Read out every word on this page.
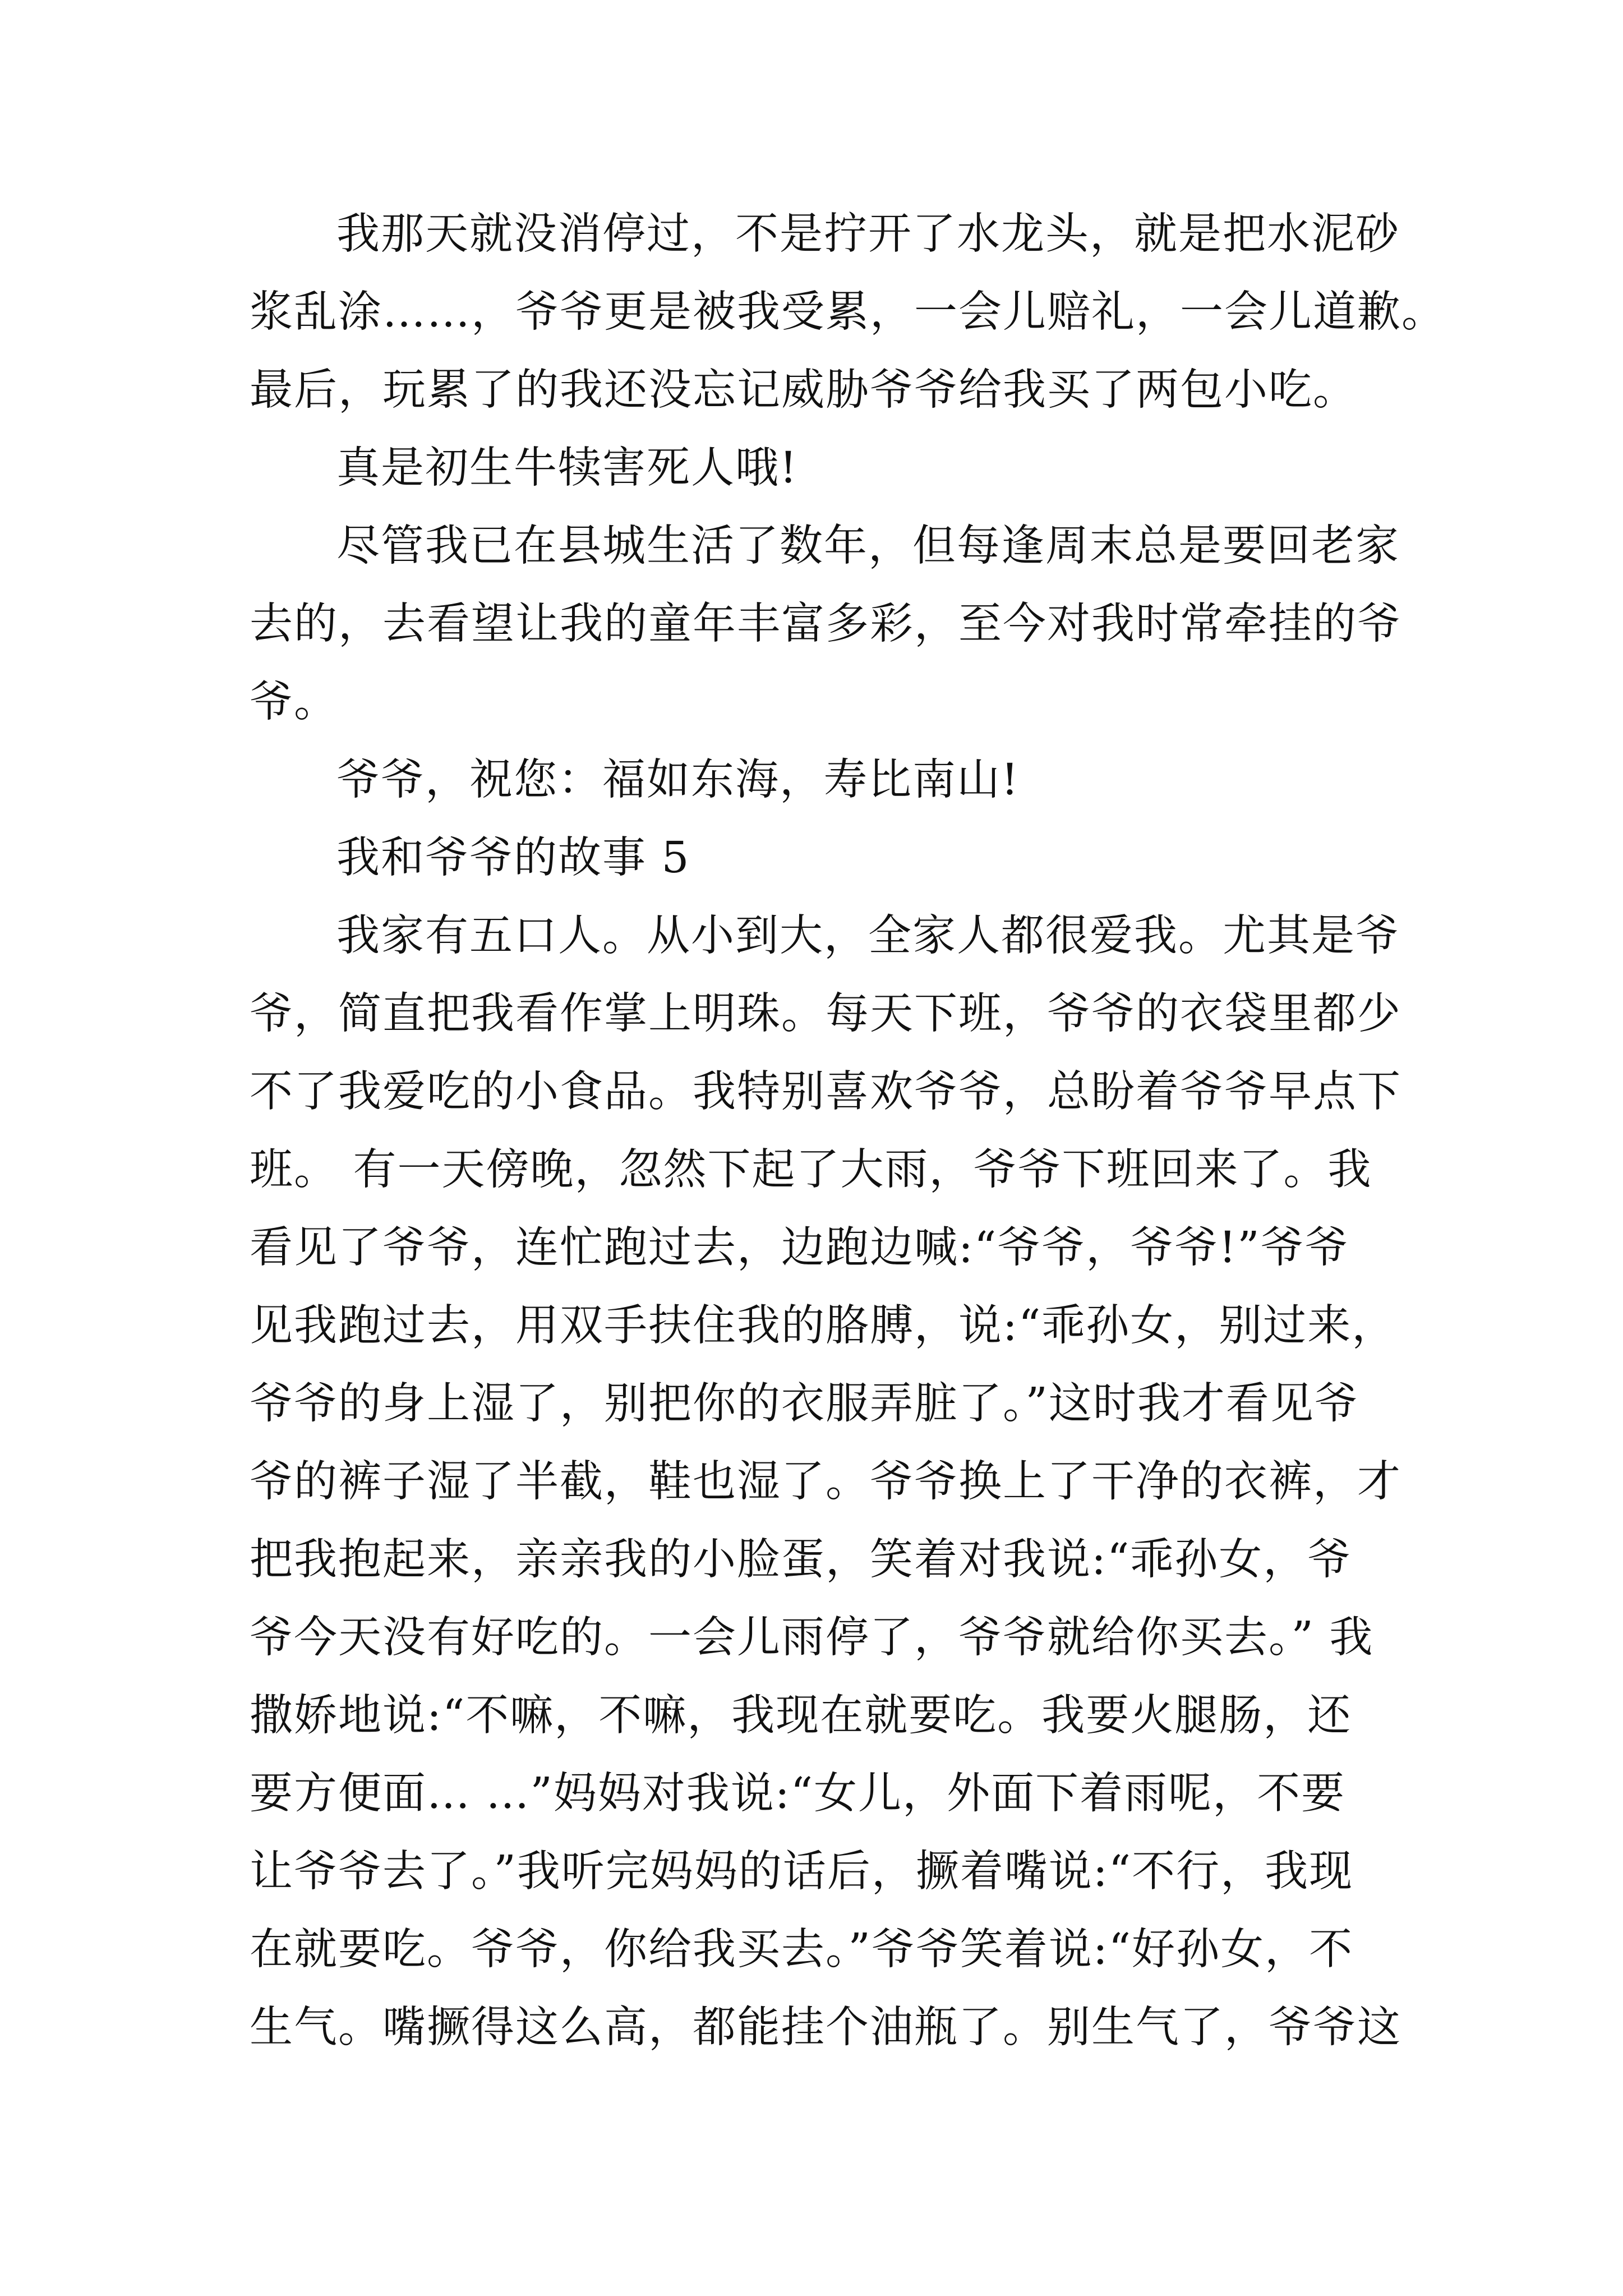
我那天就没消停过，不是拧开了水龙头，就是把水泥砂
浆乱涂……，爷爷更是被我受累，一会儿赔礼，一会儿道歉。
最后，玩累了的我还没忘记威胁爷爷给我买了两包小吃。
真是初生牛犊害死人哦!
尽管我已在县城生活了数年，但每逢周末总是要回老家
去的，去看望让我的童年丰富多彩，至今对我时常牵挂的爷
爷。
爷爷，祝您：福如东海，寿比南山!
我和爷爷的故事 5
我家有五口人。从小到大，全家人都很爱我。尤其是爷
爷，简直把我看作掌上明珠。每天下班，爷爷的衣袋里都少
不了我爱吃的小食品。我特别喜欢爷爷，总盼着爷爷早点下
班。 有一天傍晚，忽然下起了大雨，爷爷下班回来了。我
看见了爷爷，连忙跑过去，边跑边喊:“爷爷，爷爷!”爷爷
见我跑过去，用双手扶住我的胳膊，说:“乖孙女，别过来，
爷爷的身上湿了，别把你的衣服弄脏了。”这时我才看见爷
爷的裤子湿了半截，鞋也湿了。爷爷换上了干净的衣裤，才
把我抱起来，亲亲我的小脸蛋，笑着对我说:“乖孙女，爷
爷今天没有好吃的。一会儿雨停了，爷爷就给你买去。” 我
撒娇地说:“不嘛，不嘛，我现在就要吃。我要火腿肠，还
要方便面… …”妈妈对我说:“女儿，外面下着雨呢，不要
让爷爷去了。”我听完妈妈的话后，撅着嘴说:“不行，我现
在就要吃。爷爷，你给我买去。”爷爷笑着说:“好孙女，不
生气。嘴撅得这么高，都能挂个油瓶了。别生气了，爷爷这
